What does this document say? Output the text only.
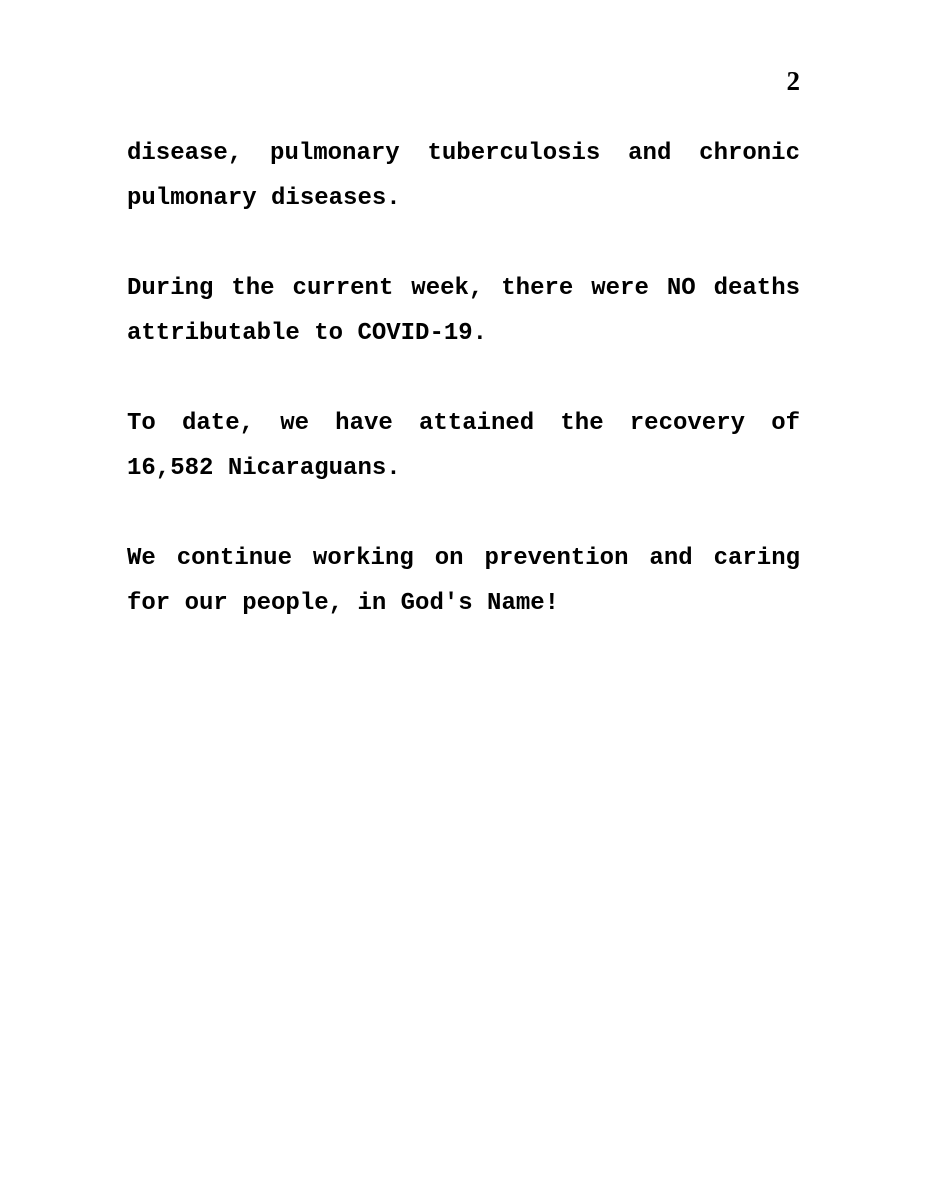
2

disease, pulmonary tuberculosis and chronic pulmonary diseases.

During the current week, there were NO deaths attributable to COVID-19.

To date, we have attained the recovery of 16,582 Nicaraguans.

We continue working on prevention and caring for our people, in God's Name!
